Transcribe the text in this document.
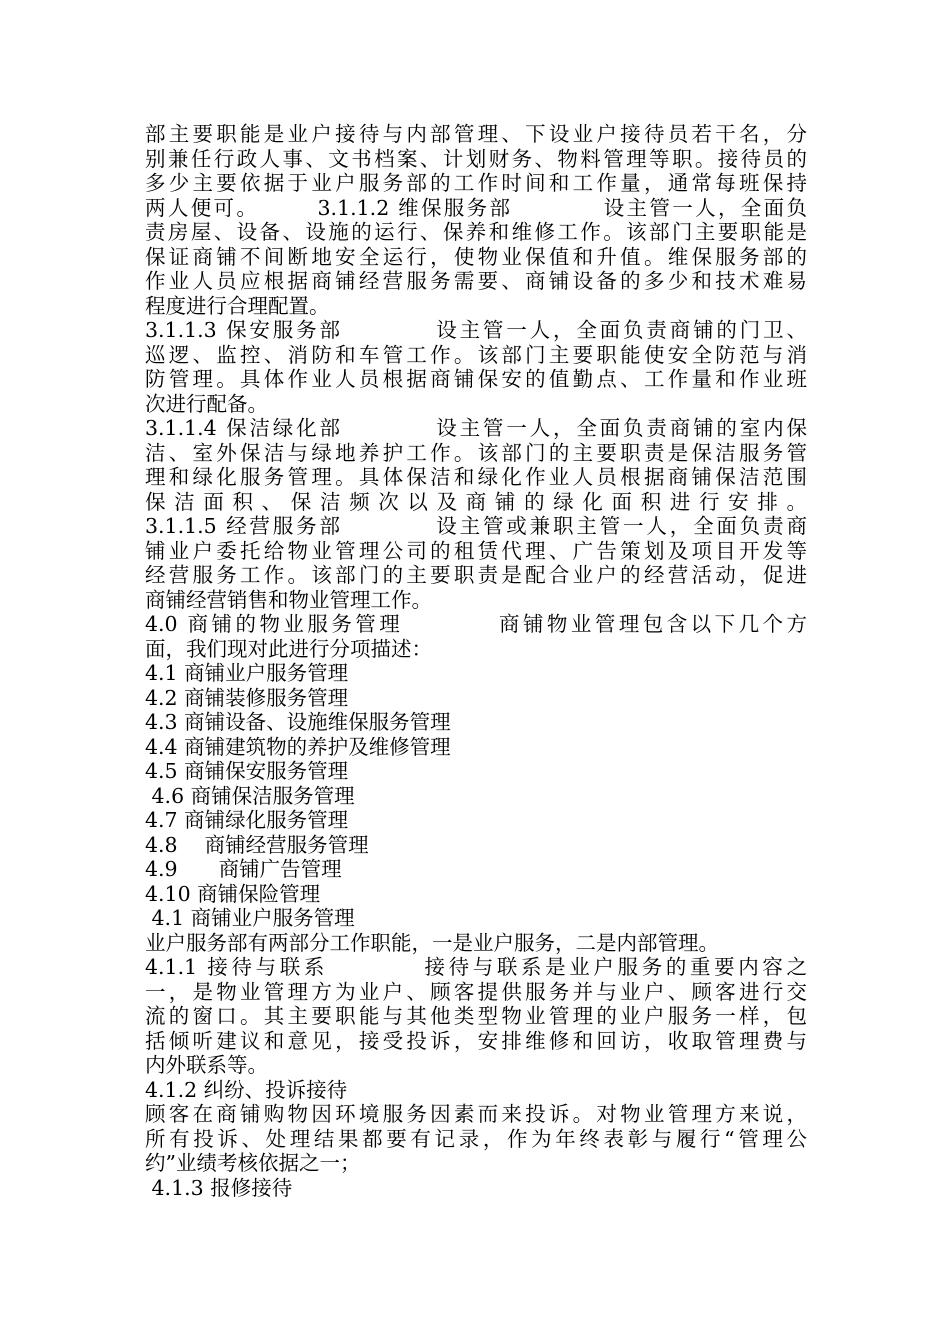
部主要职能是业户接待与内部管理、下设业户接待员若干名，分
别兼任行政人事、文书档案、计划财务、物料管理等职。接待员的
多少主要依据于业户服务部的工作时间和工作量，通常每班保持
两人便可。　　　3.1.1.2 维保服务部　　　　设主管一人，全面负
责房屋、设备、设施的运行、保养和维修工作。该部门主要职能是
保证商铺不间断地安全运行，使物业保值和升值。维保服务部的
作业人员应根据商铺经营服务需要、商铺设备的多少和技术难易
程度进行合理配置。
3.1.1.3 保安服务部　　　　设主管一人，全面负责商铺的门卫、
巡逻、监控、消防和车管工作。该部门主要职能使安全防范与消
防管理。具体作业人员根据商铺保安的值勤点、工作量和作业班
次进行配备。
3.1.1.4 保洁绿化部　　　　设主管一人，全面负责商铺的室内保
洁、室外保洁与绿地养护工作。该部门的主要职责是保洁服务管
理和绿化服务管理。具体保洁和绿化作业人员根据商铺保洁范围
保洁面积、保洁频次以及商铺的绿化面积进行安排。
3.1.1.5 经营服务部　　　　设主管或兼职主管一人，全面负责商
铺业户委托给物业管理公司的租赁代理、广告策划及项目开发等
经营服务工作。该部门的主要职责是配合业户的经营活动，促进
商铺经营销售和物业管理工作。
4.0 商铺的物业服务管理　　　　商铺物业管理包含以下几个方
面，我们现对此进行分项描述：
4.1 商铺业户服务管理
4.2 商铺装修服务管理
4.3 商铺设备、设施维保服务管理
4.4 商铺建筑物的养护及维修管理
4.5 商铺保安服务管理
4.6 商铺保洁服务管理
4.7 商铺绿化服务管理
4.8　 商铺经营服务管理
4.9　　商铺广告管理
4.10 商铺保险管理
4.1 商铺业户服务管理
业户服务部有两部分工作职能，一是业户服务，二是内部管理。
4.1.1 接待与联系　　　　接待与联系是业户服务的重要内容之
一，是物业管理方为业户、顾客提供服务并与业户、顾客进行交
流的窗口。其主要职能与其他类型物业管理的业户服务一样，包
括倾听建议和意见，接受投诉，安排维修和回访，收取管理费与
内外联系等。
4.1.2 纠纷、投诉接待
顾客在商铺购物因环境服务因素而来投诉。对物业管理方来说，
所有投诉、处理结果都要有记录，作为年终表彰与履行“管理公
约”业绩考核依据之一；
4.1.3 报修接待
